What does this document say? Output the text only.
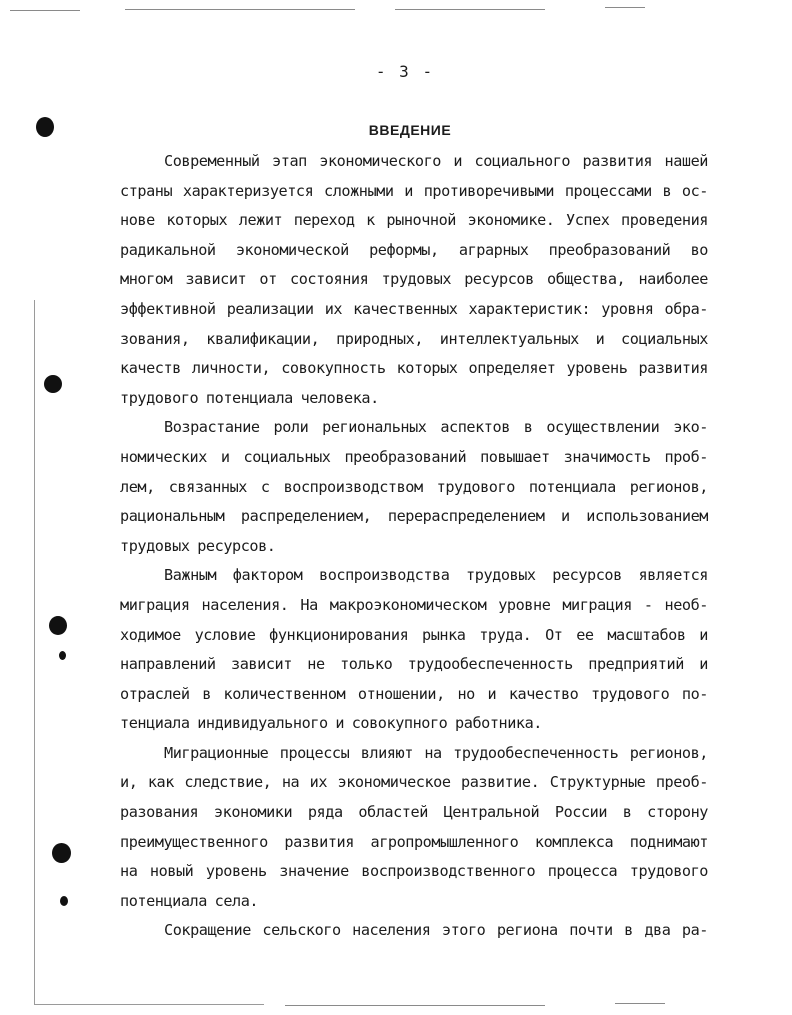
- 3 -
ВВЕДЕНИЕ
Современный этап экономического и социального развития нашей
страны характеризуется сложными и противоречивыми процессами в ос-
нове которых лежит переход к рыночной экономике. Успех проведения
радикальной экономической реформы, аграрных преобразований во
многом зависит от состояния трудовых ресурсов общества, наиболее
эффективной реализации их качественных характеристик: уровня обра-
зования, квалификации, природных, интеллектуальных и социальных
качеств личности, совокупность которых определяет уровень развития
трудового потенциала человека.
Возрастание роли региональных аспектов в осуществлении эко-
номических и социальных преобразований повышает значимость проб-
лем, связанных с воспроизводством трудового потенциала регионов,
рациональным распределением, перераспределением и использованием
трудовых ресурсов.
Важным фактором воспроизводства трудовых ресурсов является
миграция населения. На макроэкономическом уровне миграция - необ-
ходимое условие функционирования рынка труда. От ее масштабов и
направлений зависит не только трудообеспеченность предприятий и
отраслей в количественном отношении, но и качество трудового по-
тенциала индивидуального и совокупного работника.
Миграционные процессы влияют на трудообеспеченность регионов,
и, как следствие, на их экономическое развитие. Структурные преоб-
разования экономики ряда областей Центральной России в сторону
преимущественного развития агропромышленного комплекса поднимают
на новый уровень значение воспроизводственного процесса трудового
потенциала села.
Сокращение сельского населения этого региона почти в два ра-
